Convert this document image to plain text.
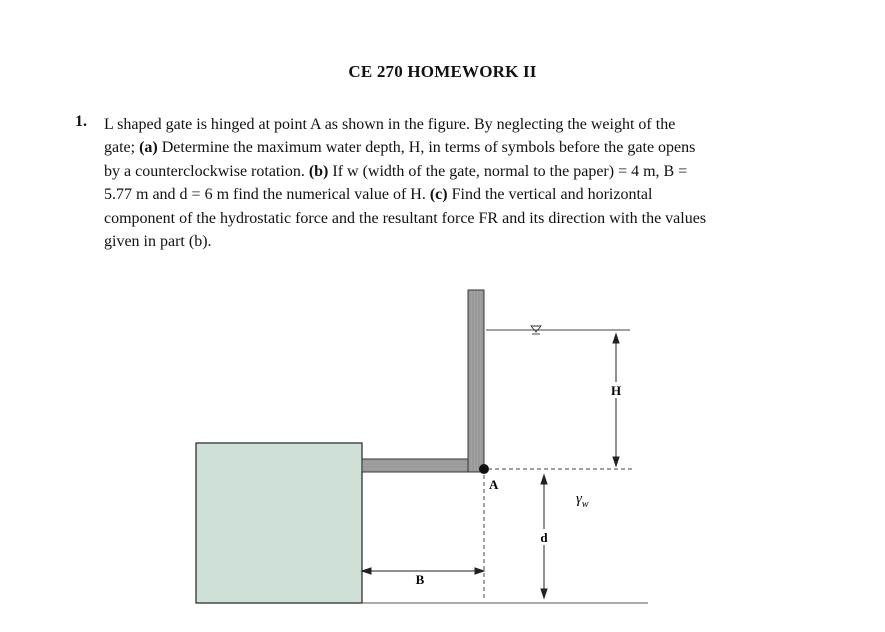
CE 270 HOMEWORK II
1. L shaped gate is hinged at point A as shown in the figure. By neglecting the weight of the
gate; (a) Determine the maximum water depth, H, in terms of symbols before the gate opens
by a counterclockwise rotation. (b) If w (width of the gate, normal to the paper) = 4 m, B =
5.77 m and d = 6 m find the numerical value of H. (c) Find the vertical and horizontal
component of the hydrostatic force and the resultant force FR and its direction with the values
given in part (b).
H
A
d
$\gamma_w$
B
